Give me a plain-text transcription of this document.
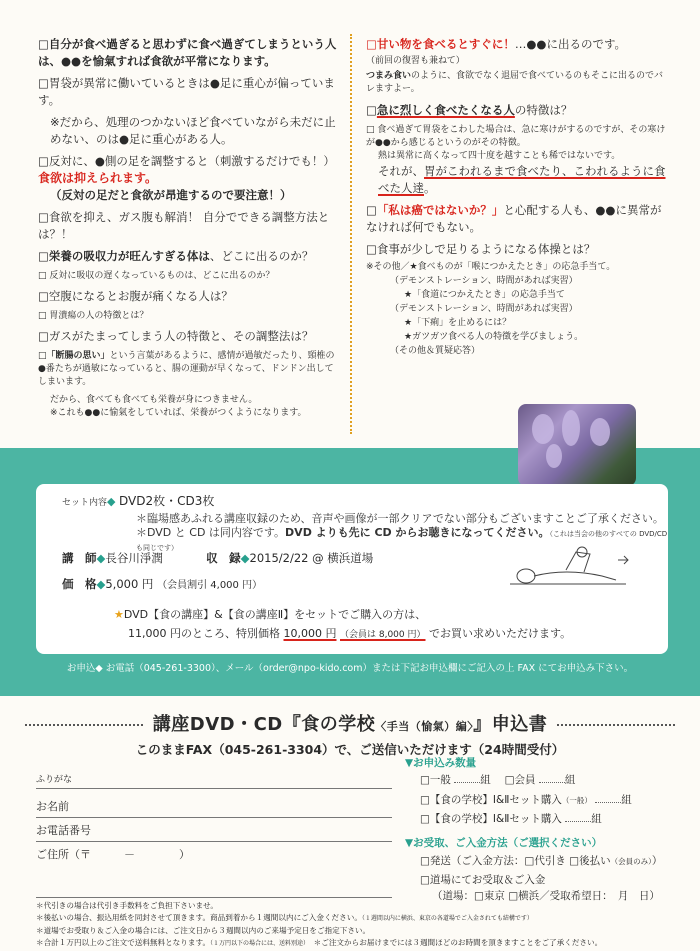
□自分が食べ過ぎると思わずに食べ過ぎてしまうという人は、●●を愉氣すれば食欲が平常になります。

□胃袋が異常に働いているときは●足に重心が偏っています。

※だから、処理のつかないほど食べていながら未だに止めない、のは●足に重心がある人。

□反対に、●側の足を調整すると（刺激するだけでも！）

食欲は抑えられます。

（反対の足だと食欲が昂進するので要注意！）

□食欲を抑え、ガス腹も解消！ 自分でできる調整方法とは？！

□栄養の吸収力が旺んすぎる体は、どこに出るのか？

□ 反対に吸収の遅くなっているものは、どこに出るのか？

□空腹になるとお腹が痛くなる人は？

□ 胃潰瘍の人の特徴とは？

□ガスがたまってしまう人の特徴と、その調整法は？

□「断腸の思い」という言葉があるように、感情が過敏だったり、頸椎の●番たちが過敏になっていると、腸の運動が早くなって、ドンドン出してしまいます。

だから、食べても食べても栄養が身につきません。

※これも●●に愉氣をしていれば、栄養がつくようになります。

□甘い物を食べるとすぐに！…●●に出るのです。

（前回の復習も兼ねて）

つまみ食いのように、食欲でなく退屈で食べているのもそこに出るのでバレますよー。

□急に烈しく食べたくなる人の特徴は？

□ 食べ過ぎて胃袋をこわした場合は、急に寒けがするのですが、その寒けが●●から感じるというのがその特徴。

熱は異常に高くなって四十度を越すことも稀ではないです。

それが、胃がこわれるまで食べたり、こわれるように食べた人達。

□「私は癌ではないか？」と心配する人も、●●に異常がなければ何でもない。

□食事が少しで足りるようになる体操とは？

※その他／★食べものが「喉につかえたとき」の応急手当て。

（デモンストレーション、時間があれば実習）

★「食道につかえたとき」の応急手当て

（デモンストレーション、時間があれば実習）

★「下痢」を止めるには？

★ガツガツ食べる人の特徴を学びましょう。

（その他＆質疑応答）

セット内容◆ DVD2枚・CD3枚
＊臨場感あふれる講座収録のため、音声や画像が一部クリアでない部分もございますことご了承ください。
＊DVD と CD は同内容です。DVD よりも先に CD からお聴きになってください。（これは当会の他のすべての DVD/CD も同じです）
講　師◆長谷川淨潤	収　録◆2015/2/22 @ 横浜道場
価　格◆5,000 円 （会員割引 4,000 円）
★DVD【食の講座】&【食の講座Ⅱ】をセットでご購入の方は、
11,000 円のところ、特別価格 10,000 円 （会員は 8,000 円） でお買い求めいただけます。
お申込◆ お電話（045-261-3300）、メール（order@npo-kido.com）または下記お申込欄にご記入の上 FAX にてお申込み下さい。
講座DVD・CD『食の学校〈手当（愉氣）編〉』申込書
このままFAX（045-261-3304）で、ご送信いただけます（24時間受付）
ふりがな
お名前
お電話番号
ご住所（〒　　　－　　　　）
▼お申込み数量
□一般	組 　 □会員	組
□【食の学校】Ⅰ&Ⅱセット購入（一般）	組
□【食の学校】Ⅰ&Ⅱセット購入	組
▼お受取、ご入金方法（ご選択ください）
□発送（ご入金方法：□代引き □後払い（会員のみ））
□道場にてお受取＆ご入金
（道場：□東京 □横浜／受取希望日：　月　日）
＊代引きの場合は代引き手数料をご負担下さいませ。
＊後払いの場合、振込用紙を同封させて頂きます。商品到着から１週間以内にご入金ください。（１週間以内に横浜、東京の各道場でご入金されても結構です）
＊道場でお受取り＆ご入金の場合には、ご注文日から３週間以内のご来場予定日をご指定下さい。
＊合計１万円以上のご注文で送料無料となります。（１万円以下の場合には、送料別途）　 ＊ご注文からお届けまでには３週間ほどのお時間を頂きますことをご了承ください。
